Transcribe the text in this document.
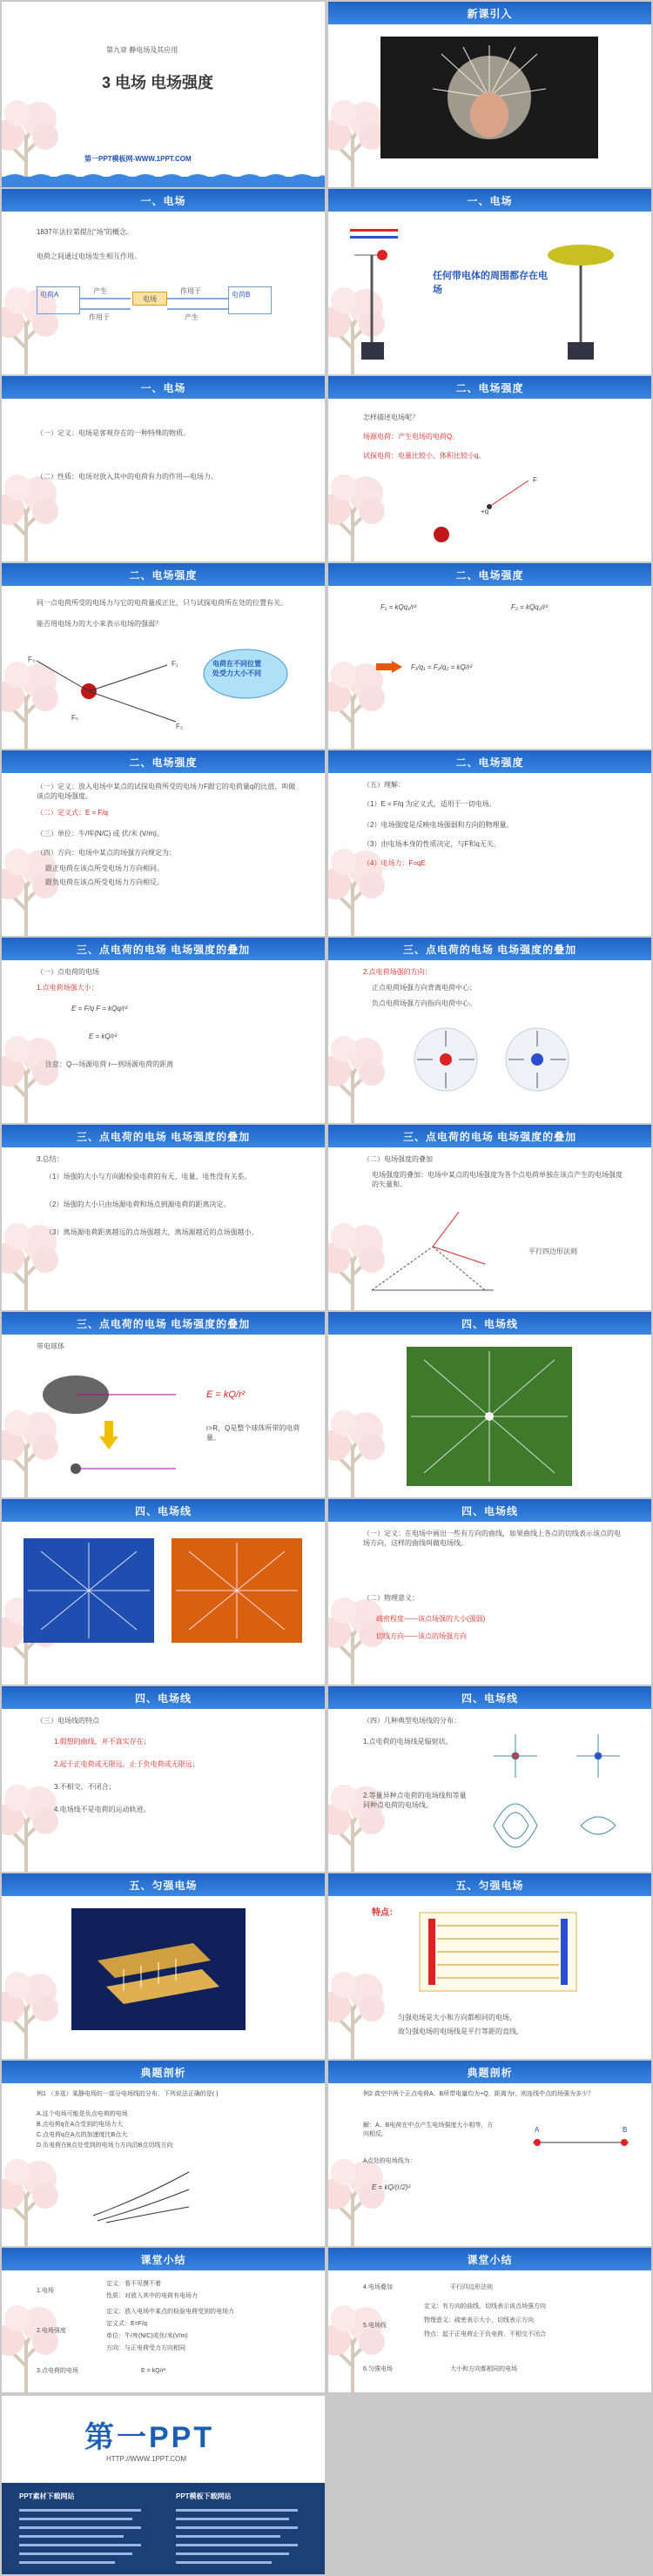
第九章 静电场及其应用
3 电场 电场强度
第一PPT模板网-WWW.1PPT.COM
新课引入
一、电场
1837年法拉第提出“场”的概念。
电荷之间通过电场发生相互作用。
电荷A
电场
电荷B
产生	作用于
作用于	产生
一、电场
任何带电体的周围都存在电场
一、电场
（一）定义：电场是客观存在的一种特殊的物质。
（二）性质：电场对放入其中的电荷有力的作用—电场力。
二、电场强度
怎样描述电场呢？
场源电荷：产生电场的电荷Q。
试探电荷：电量比较小、体积比较小q。
+q
F
二、电场强度
同一点电荷所受的电场力与它的电荷量成正比，只与试探电荷所在处的位置有关。
能否用电场力的大小来表示电场的强弱？
电荷在不同位置处受力大小不同
F₁
F₂
F₃
Fₙ
二、电场强度
F₁ = kQq₁/r²	F₂ = kQq₂/r²
F₁/q₁ = F₂/q₂ = kQ/r²
二、电场强度
（一）定义：放入电场中某点的试探电荷所受的电场力F跟它的电荷量q的比值，叫做该点的电场强度。
（二）定义式：E = F/q
（三）单位：牛/库(N/C) 或 伏/米 (V/m)。
（四）方向：电场中某点的场强方向规定为：
跟正电荷在该点所受电场力方向相同。
跟负电荷在该点所受电场力方向相反。
二、电场强度
（五）理解：
（1）E = F/q 为定义式，适用于一切电场。
（2）电场强度是反映电场强弱和方向的物理量。
（3）由电场本身的性质决定，与F和q无关。
（4）电场力：F=qE
三、点电荷的电场 电场强度的叠加
（一）点电荷的电场
1.点电荷场强大小：
E = F/q F = kQq/r²
E = kQ/r²
注意：Q—场源电荷 r—到场源电荷的距离
三、点电荷的电场 电场强度的叠加
2.点电荷场强的方向：
正点电荷场强方向背离电荷中心；
负点电荷场强方向指向电荷中心。
三、点电荷的电场 电场强度的叠加
3.总结：
（1）场强的大小与方向跟检验电荷的有无、电量、电性没有关系。
（2）场强的大小只由场源电荷和场点到源电荷的距离决定。
（3）离场源电荷距离越远的点场强越大，离场源越近的点场强越小。
三、点电荷的电场 电场强度的叠加
（二）电场强度的叠加
电场强度的叠加：电场中某点的电场强度为各个点电荷单独在该点产生的电场强度的矢量和。
平行四边形法则
三、点电荷的电场 电场强度的叠加
带电球体
E = kQ/r²
r>R，Q是整个球体所带的电荷量。
四、电场线
四、电场线	四、电场线
（一）定义：在电场中画出一些有方向的曲线，如果曲线上各点的切线表示该点的电场方向，这样的曲线叫做电场线。
（二）物理意义：
疏密程度——该点场强的大小(强弱)
切线方向——该点的场强方向
四、电场线
（三）电场线的特点
1.假想的曲线，并不真实存在；
2.起于正电荷或无限远，止于负电荷或无限远；
3.不相交，不闭合；
4.电场线不是电荷的运动轨迹。
四、电场线
（四）几种典型电场线的分布：
1.点电荷的电场线是辐射状。
2.等量异种点电荷的电场线和等量同种点电荷的电场线。
五、匀强电场	五、匀强电场
特点：
匀强电场是大小和方向都相同的电场，
故匀强电场的电场线是平行等距的直线。
典题剖析
例1 （多选）某静电场的一部分电场线的分布，下列说法正确的是( )
A.这个电场可能是负点电荷的电场
B.点电荷q在A点受到的电场力大
C.点电荷q在A点的加速度比B点大
D.负电荷在B点处受到的电场力方向沿B点切线方向
典题剖析
例2 真空中两个正点电荷A、B所带电量均为+Q，距离为r，则连线中点的场强为多少？
解：A、B电荷在中点产生电场强度大小相等，方向相反。
A点处的电场线为：
E = kQ/(r/2)²
A	B
课堂小结
1.电场
定义：看不见摸不着
性质：对放入其中的电荷有电场力
2.电场强度
定义：放入电场中某点的检验电荷受到的电场力
定义式：E=F/q
单位：牛/库(N/C)或伏/米(V/m)
方向：与正电荷受力方向相同
3.点电荷的电场	E = kQ/r²
课堂小结
4.电场叠加	平行四边形法则
5.电场线
定义：有方向的曲线，切线表示该点场强方向
物理意义：疏密表示大小，切线表示方向
特点：起于正电荷止于负电荷，不相交不闭合
6.匀强电场	大小和方向都相同的电场
第一PPT
HTTP://WWW.1PPT.COM
PPT素材下载网站	PPT模板下载网站
